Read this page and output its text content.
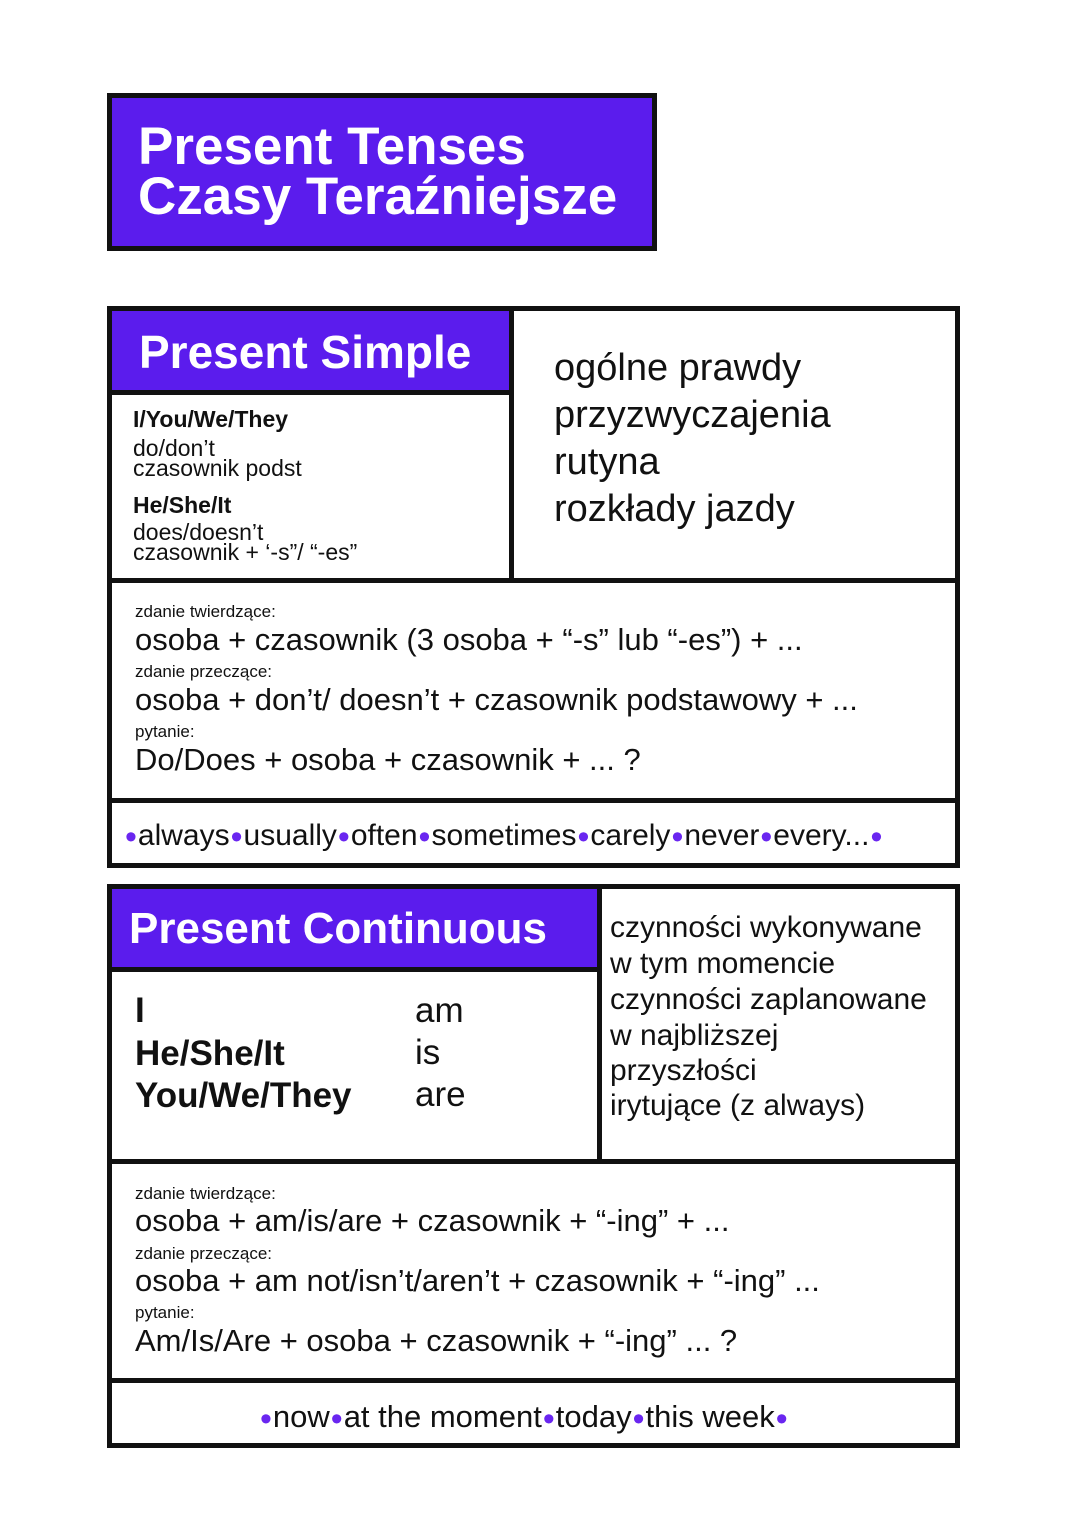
Present Tenses
Czasy Teraźniejsze
Present Simple
I/You/We/They
do/don’t
czasownik podst
He/She/It
does/doesn’t
czasownik + ‘-s”/ “-es”
ogólne prawdy
przyzwyczajenia
rutyna
rozkłady jazdy
zdanie twierdzące:
osoba + czasownik (3 osoba + “-s” lub “-es”) + ...
zdanie przeczące:
osoba + don’t/ doesn’t + czasownik podstawowy + ...
pytanie:
Do/Does + osoba + czasownik + ... ?
•always•usually•often•sometimes•carely•never•every...•
Present Continuous
I	am
He/She/It	is
You/We/They are
czynności wykonywane
w tym momencie
czynności zaplanowane
w najbliższej
przyszłości
irytujące (z always)
zdanie twierdzące:
osoba + am/is/are + czasownik + “-ing” + ...
zdanie przeczące:
osoba + am not/isn’t/aren’t + czasownik + “-ing” ...
pytanie:
Am/Is/Are + osoba + czasownik + “-ing” ... ?
•now•at the moment•today•this week•
